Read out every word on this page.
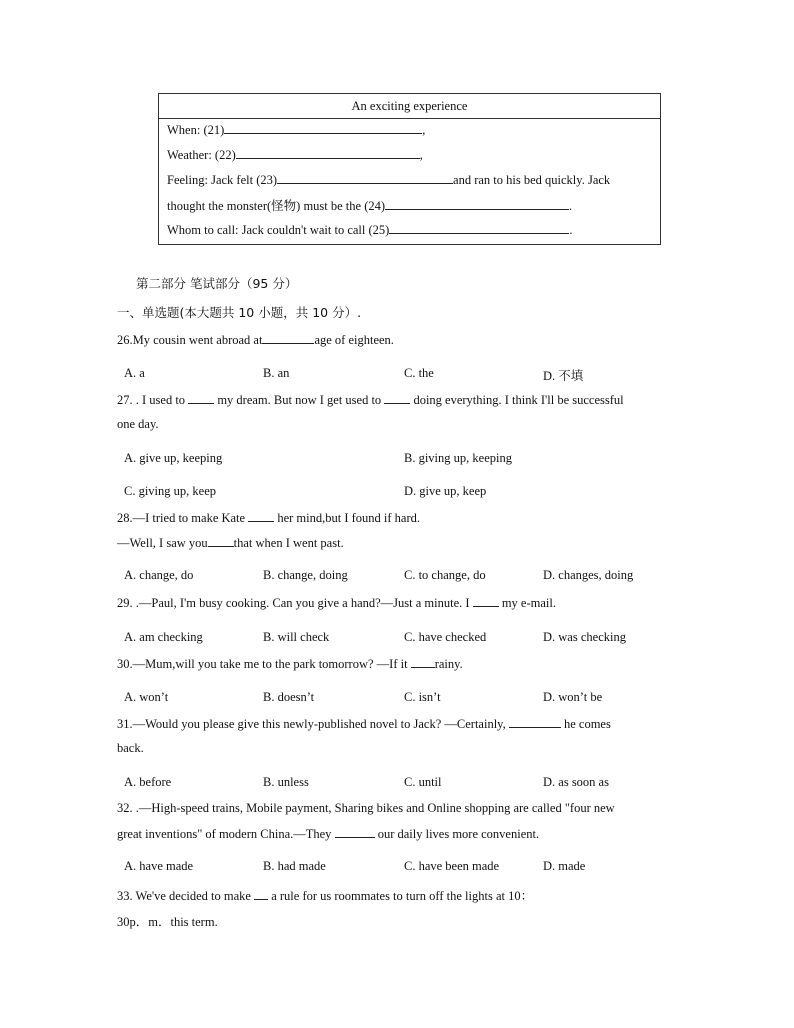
An exciting experience
When: (21)	,
Weather: (22)	,
Feeling: Jack felt (23)	and ran to his bed quickly. Jack
thought the monster(怪物) must be the (24)	.
Whom to call: Jack couldn't wait to call (25)	.
第二部分 笔试部分（95 分）
一、单选题(本大题共 10 小题，共 10 分）.
26.My cousin went abroad at	age of eighteen.
A. a	B. an	C. the	D. 不填
27. . I used to	my dream. But now I get used to	doing everything. I think I'll be successful
one day.
A. give up, keeping	B. giving up, keeping
C. giving up, keep	D. give up, keep
28.—I tried to make Kate	her mind,but I found if hard.
—Well, I saw you that when I went past.
A. change, do	B. change, doing	C. to change, do	D. changes, doing
29. .—Paul, I'm busy cooking. Can you give a hand?—Just a minute. I	my e-mail.
A. am checking	B. will check	C. have checked	D. was checking
30.—Mum,will you take me to the park tomorrow? —If it rainy.
A. won’t	B. doesn’t	C. isn’t	D. won’t be
31.—Would you please give this newly-published novel to Jack? —Certainly,	he comes
back.
A. before	B. unless	C. until	D. as soon as
32. .—High-speed trains, Mobile payment, Sharing bikes and Online shopping are called "four new
great inventions" of modern China.—They	our daily lives more convenient.
A. have made	B. had made	C. have been made	D. made
33. We've decided to make a rule for us roommates to turn off the lights at 10：
30p．m．this term.
